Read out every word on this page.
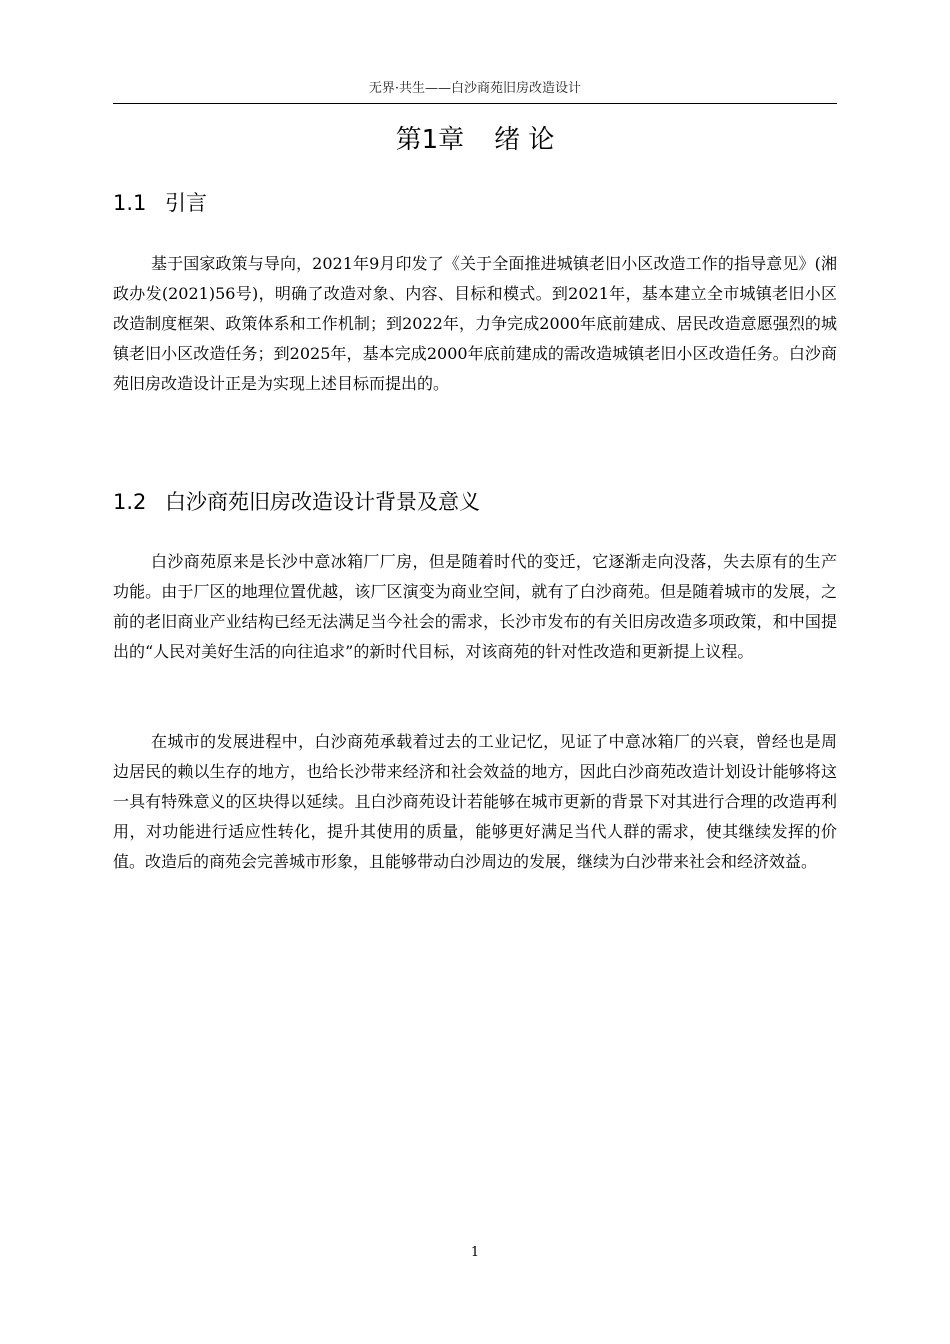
无界·共生——白沙商苑旧房改造设计
第1章 绪 论
1.1 引言

基于国家政策与导向，2021年9月印发了《关于全面推进城镇老旧小区改造工作的指导意见》(湘政办发(2021)56号)，明确了改造对象、内容、目标和模式。到2021年，基本建立全市城镇老旧小区改造制度框架、政策体系和工作机制；到2022年，力争完成2000年底前建成、居民改造意愿强烈的城镇老旧小区改造任务；到2025年，基本完成2000年底前建成的需改造城镇老旧小区改造任务。白沙商苑旧房改造设计正是为实现上述目标而提出的。

1.2 白沙商苑旧房改造设计背景及意义

白沙商苑原来是长沙中意冰箱厂厂房，但是随着时代的变迁，它逐渐走向没落，失去原有的生产功能。由于厂区的地理位置优越，该厂区演变为商业空间，就有了白沙商苑。但是随着城市的发展，之前的老旧商业产业结构已经无法满足当今社会的需求，长沙市发布的有关旧房改造多项政策，和中国提出的“人民对美好生活的向往追求”的新时代目标，对该商苑的针对性改造和更新提上议程。

在城市的发展进程中，白沙商苑承载着过去的工业记忆，见证了中意冰箱厂的兴衰，曾经也是周边居民的赖以生存的地方，也给长沙带来经济和社会效益的地方，因此白沙商苑改造计划设计能够将这一具有特殊意义的区块得以延续。且白沙商苑设计若能够在城市更新的背景下对其进行合理的改造再利用，对功能进行适应性转化，提升其使用的质量，能够更好满足当代人群的需求，使其继续发挥的价值。改造后的商苑会完善城市形象，且能够带动白沙周边的发展，继续为白沙带来社会和经济效益。

1
